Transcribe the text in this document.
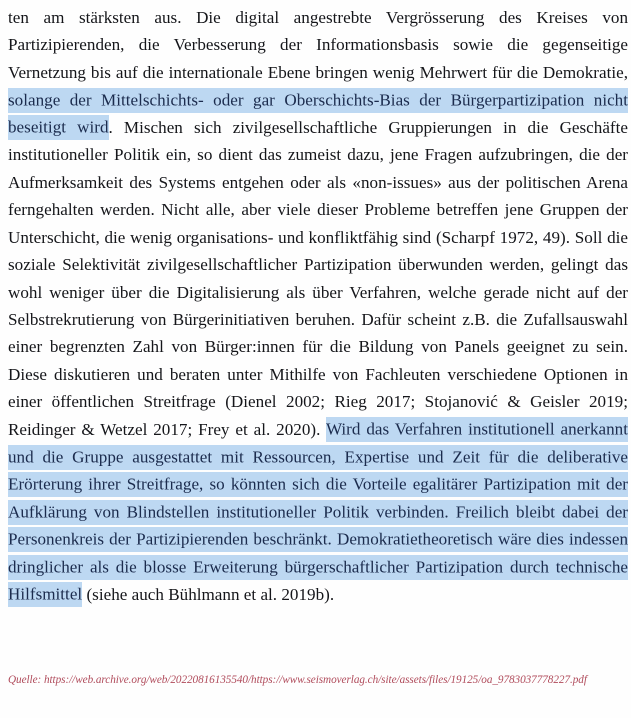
ten am stärksten aus. Die digital angestrebte Vergrösserung des Kreises von Partizipierenden, die Verbesserung der Informationsbasis sowie die gegenseitige Vernetzung bis auf die internationale Ebene bringen wenig Mehrwert für die Demokratie, solange der Mittelschichts- oder gar Oberschichts-Bias der Bürgerpartizipation nicht beseitigt wird. Mischen sich zivilgesellschaftliche Gruppierungen in die Geschäfte institutioneller Politik ein, so dient das zumeist dazu, jene Fragen aufzubringen, die der Aufmerksamkeit des Systems entgehen oder als «non-issues» aus der politischen Arena ferngehalten werden. Nicht alle, aber viele dieser Probleme betreffen jene Gruppen der Unterschicht, die wenig organisations- und konfliktfähig sind (Scharpf 1972, 49). Soll die soziale Selektivität zivilgesellschaftlicher Partizipation überwunden werden, gelingt das wohl weniger über die Digitalisierung als über Verfahren, welche gerade nicht auf der Selbstrekrutierung von Bürgerinitiativen beruhen. Dafür scheint z.B. die Zufallsauswahl einer begrenzten Zahl von Bürger:innen für die Bildung von Panels geeignet zu sein. Diese diskutieren und beraten unter Mithilfe von Fachleuten verschiedene Optionen in einer öffentlichen Streitfrage (Dienel 2002; Rieg 2017; Stojanović & Geisler 2019; Reidinger & Wetzel 2017; Frey et al. 2020). Wird das Verfahren institutionell anerkannt und die Gruppe ausgestattet mit Ressourcen, Expertise und Zeit für die deliberative Erörterung ihrer Streitfrage, so könnten sich die Vorteile egalitärer Partizipation mit der Aufklärung von Blindstellen institutioneller Politik verbinden. Freilich bleibt dabei der Personenkreis der Partizipierenden beschränkt. Demokratietheoretisch wäre dies indessen dringlicher als die blosse Erweiterung bürgerschaftlicher Partizipation durch technische Hilfsmittel (siehe auch Bühlmann et al. 2019b).

Quelle: https://web.archive.org/web/20220816135540/https://www.seismoverlag.ch/site/assets/files/19125/oa_9783037778227.pdf
